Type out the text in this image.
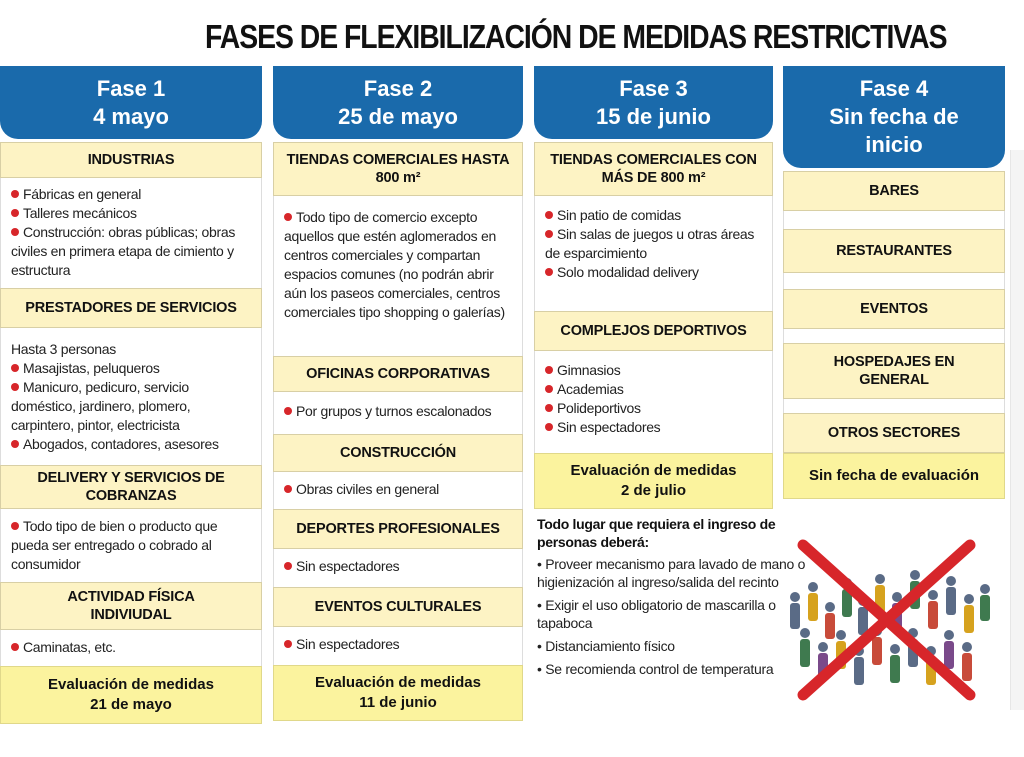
FASES DE FLEXIBILIZACIÓN DE MEDIDAS RESTRICTIVAS
Fase 1
4 mayo
INDUSTRIAS

Fábricas en general

Talleres mecánicos

Construcción: obras públicas; obras civiles en primera etapa de cimiento y estructura

PRESTADORES DE SERVICIOS

Hasta 3 personas

Masajistas, peluqueros

Manicuro, pedicuro, servicio doméstico, jardinero, plomero, carpintero, pintor, electricista

Abogados, contadores, asesores

DELIVERY Y SERVICIOS DE
COBRANZAS

Todo tipo de bien o producto que pueda ser entregado o cobrado al consumidor

ACTIVIDAD FÍSICA
INDIVIUDAL

Caminatas, etc.

Evaluación de medidas
21 de mayo
Fase 2
25 de mayo
TIENDAS COMERCIALES HASTA
800 m²

Todo tipo de comercio excepto aquellos que estén aglomerados en centros comerciales y compartan espacios comunes (no podrán abrir aún los paseos comerciales, centros comerciales tipo shopping o galerías)

OFICINAS CORPORATIVAS

Por grupos y turnos escalonados

CONSTRUCCIÓN

Obras civiles en general

DEPORTES PROFESIONALES

Sin espectadores

EVENTOS CULTURALES

Sin espectadores

Evaluación de medidas
11 de junio
Fase 3
15 de junio
TIENDAS COMERCIALES CON
MÁS DE 800 m²

Sin patio de comidas

Sin salas de juegos u otras áreas de esparcimiento

Solo modalidad delivery

COMPLEJOS DEPORTIVOS

Gimnasios

Academias

Polideportivos

Sin espectadores

Evaluación de medidas
2 de julio
Fase 4
Sin fecha de
inicio
BARES
RESTAURANTES
EVENTOS
HOSPEDAJES EN
GENERAL
OTROS SECTORES
Sin fecha de evaluación
Todo lugar que requiera el ingreso de personas deberá:
• Proveer mecanismo para lavado de mano o higienización al ingreso/salida del recinto
• Exigir el uso obligatorio de mascarilla o tapaboca
• Distanciamiento físico
• Se recomienda control de temperatura
